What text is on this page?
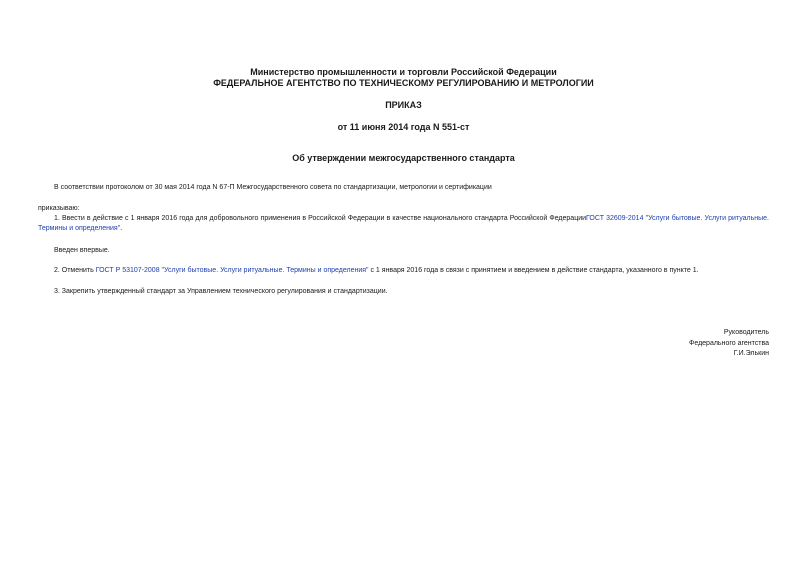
Министерство промышленности и торговли Российской Федерации
ФЕДЕРАЛЬНОЕ АГЕНТСТВО ПО ТЕХНИЧЕСКОМУ РЕГУЛИРОВАНИЮ И МЕТРОЛОГИИ
ПРИКАЗ
от 11 июня 2014 года N 551-ст
Об утверждении межгосударственного стандарта
В соответствии протоколом от 30 мая 2014 года N 67-П Межгосударственного совета по стандартизации, метрологии и сертификации
приказываю:
1. Ввести в действие с 1 января 2016 года для добровольного применения в Российской Федерации в качестве национального стандарта Российской ФедерацииГОСТ 32609-2014 "Услуги бытовые. Услуги ритуальные. Термины и определения".
Введен впервые.
2. Отменить ГОСТ Р 53107-2008 "Услуги бытовые. Услуги ритуальные. Термины и определения" с 1 января 2016 года в связи с принятием и введением в действие стандарта, указанного в пункте 1.
3. Закрепить утвержденный стандарт за Управлением технического регулирования и стандартизации.
Руководитель
Федерального агентства
Г.И.Элькин
